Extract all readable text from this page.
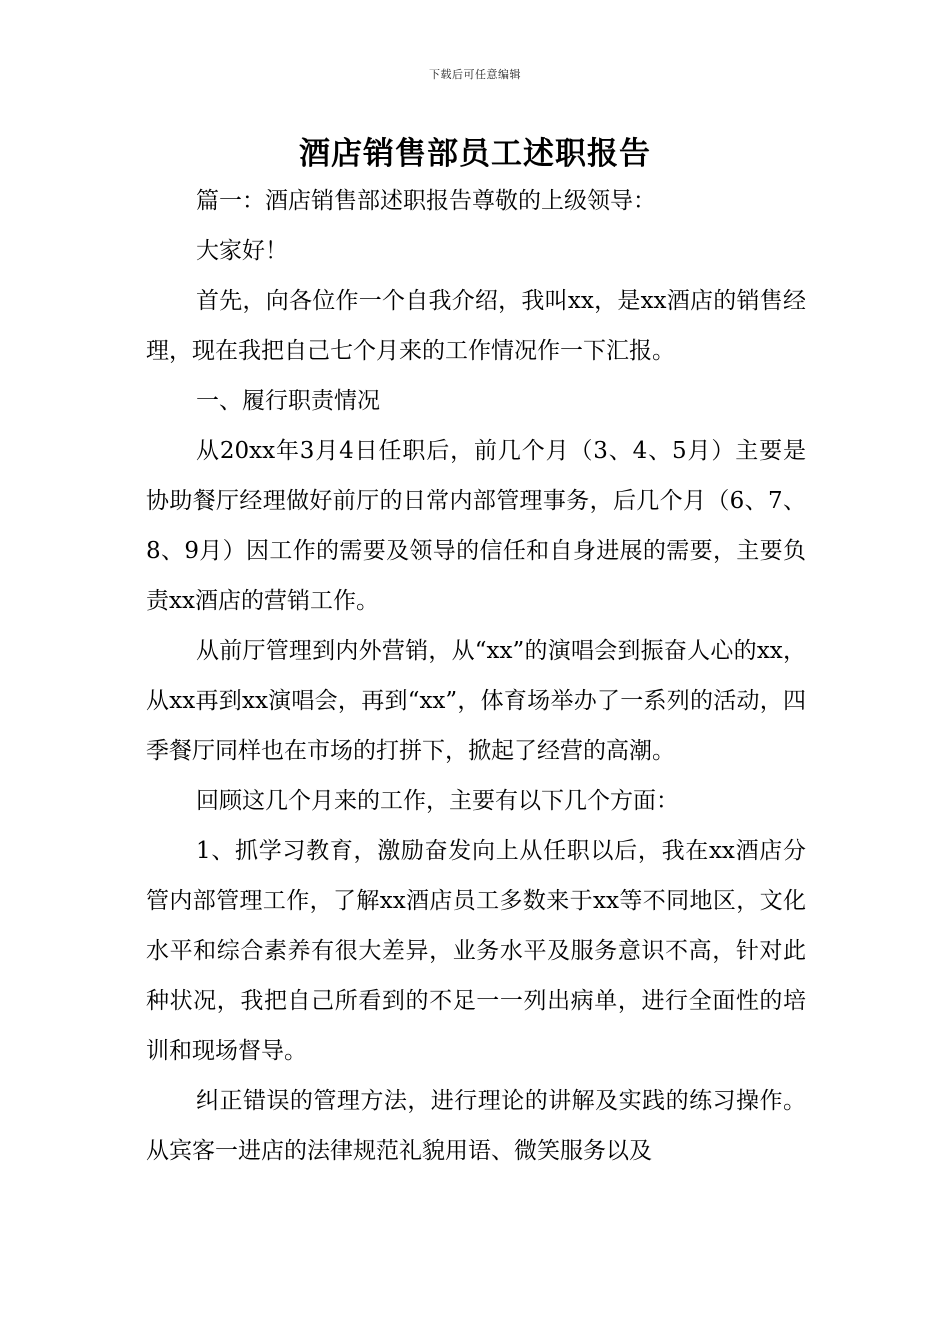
下载后可任意编辑
酒店销售部员工述职报告

篇一：酒店销售部述职报告尊敬的上级领导：

大家好！

首先，向各位作一个自我介绍，我叫xx，是xx酒店的销售经理，现在我把自己七个月来的工作情况作一下汇报。

一、履行职责情况

从20xx年3月4日任职后，前几个月（3、4、5月）主要是协助餐厅经理做好前厅的日常内部管理事务，后几个月（6、7、8、9月）因工作的需要及领导的信任和自身进展的需要，主要负责xx酒店的营销工作。

从前厅管理到内外营销，从“xx”的演唱会到振奋人心的xx，从xx再到xx演唱会，再到“xx”，体育场举办了一系列的活动，四季餐厅同样也在市场的打拼下，掀起了经营的高潮。

回顾这几个月来的工作，主要有以下几个方面：

1、抓学习教育，激励奋发向上从任职以后，我在xx酒店分管内部管理工作，了解xx酒店员工多数来于xx等不同地区，文化水平和综合素养有很大差异，业务水平及服务意识不高，针对此种状况，我把自己所看到的不足一一列出病单，进行全面性的培训和现场督导。

纠正错误的管理方法，进行理论的讲解及实践的练习操作。从宾客一进店的法律规范礼貌用语、微笑服务以及
